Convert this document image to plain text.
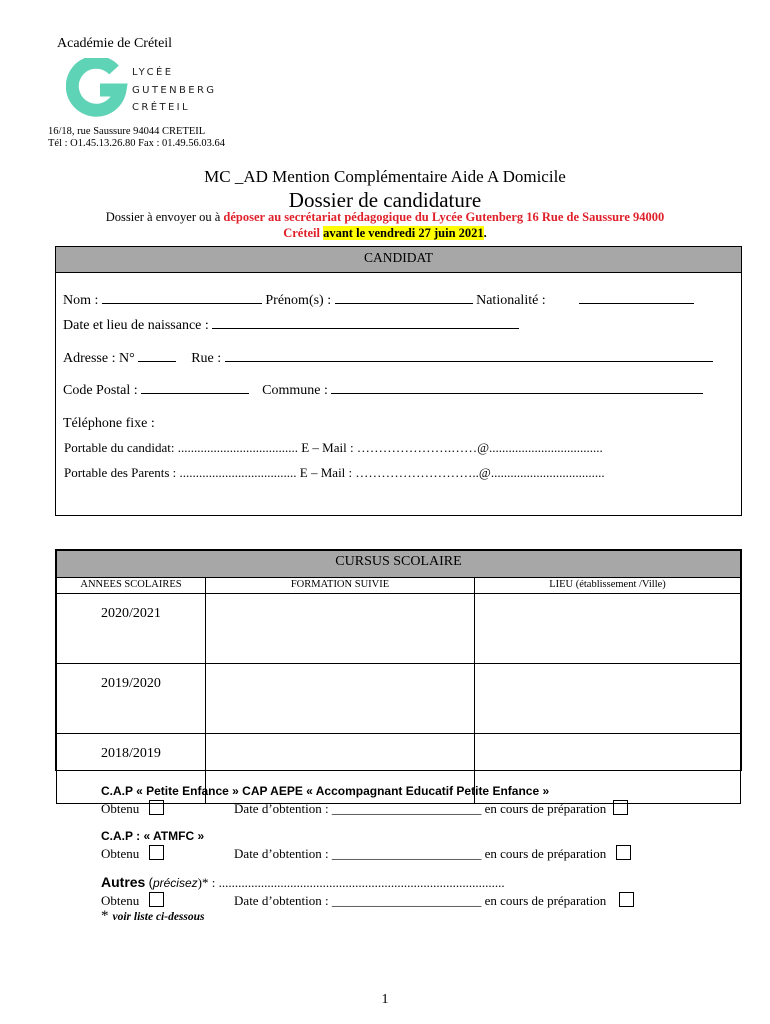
Académie de Créteil
LYCÉE
GUTENBERG
CRÉTEIL
16/18, rue Saussure 94044 CRETEIL
Tél : O1.45.13.26.80 Fax : 01.49.56.03.64
MC _AD Mention Complémentaire Aide A Domicile
Dossier de candidature
Dossier à envoyer ou à déposer au secrétariat pédagogique du Lycée Gutenberg 16 Rue de Saussure 94000
Créteil avant le vendredi 27 juin 2021.
CANDIDAT
Nom :	Prénom(s) :	Nationalité :
Date et lieu de naissance :
Adresse : N°	Rue :
Code Postal :	Commune :
Téléphone fixe :
Portable du candidat: ..................................... E – Mail : ………………….……@...................................
Portable des Parents : .................................... E – Mail : ………………………..@...................................
CURSUS SCOLAIRE		
ANNEES SCOLAIRES	FORMATION SUIVIE	LIEU (établissement /Ville)
2020/2021		
2019/2020		
2018/2019		
C.A.P « Petite Enfance » CAP AEPE « Accompagnant Educatif Petite Enfance »
Obtenu	Date d’obtention : _______________________ en cours de préparation
C.A.P : « ATMFC »
Obtenu	Date d’obtention : _______________________ en cours de préparation
Autres (précisez)* : ........................................................................................
Obtenu	Date d’obtention : _______________________ en cours de préparation
* voir liste ci-dessous
1
